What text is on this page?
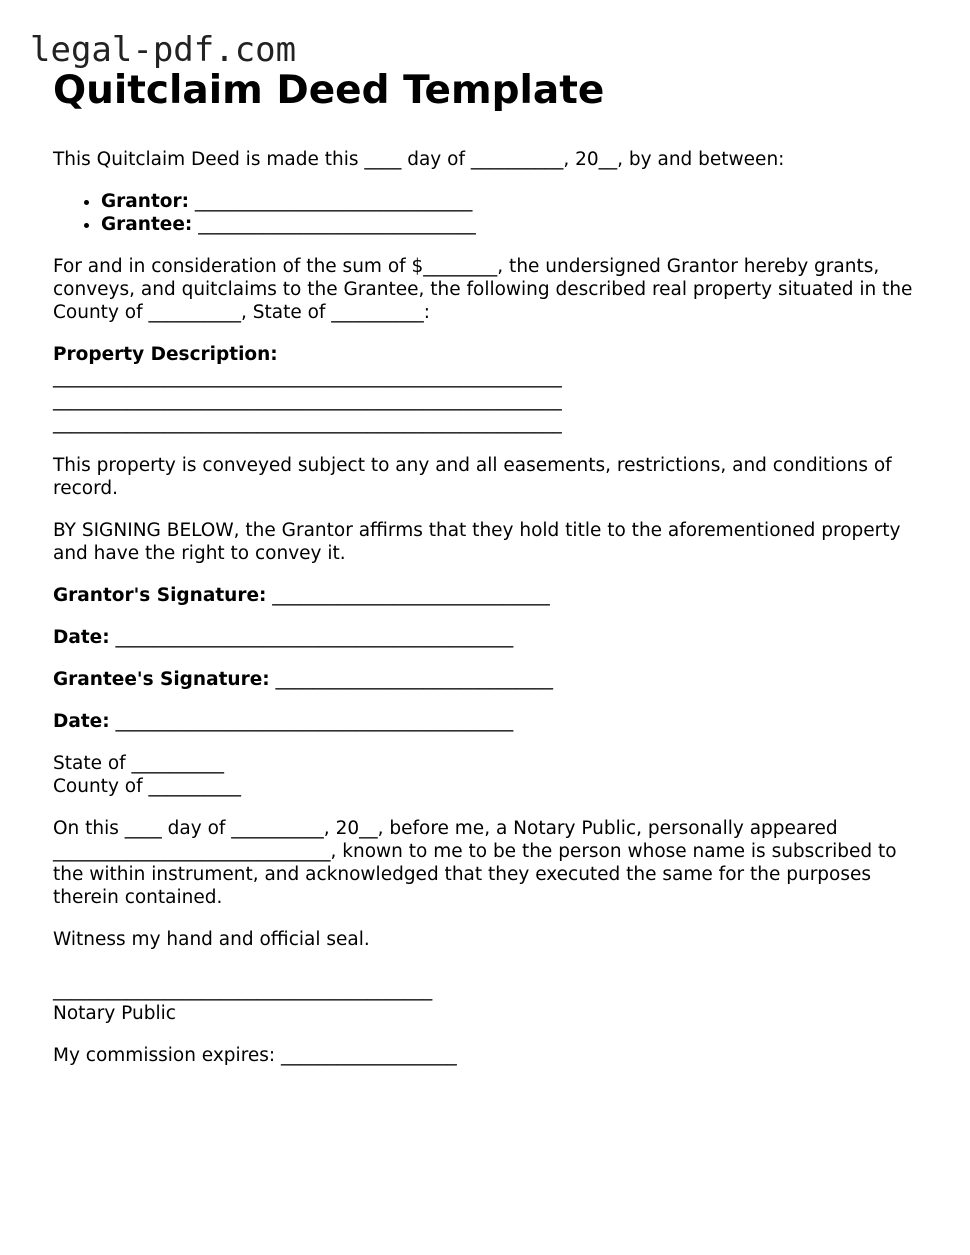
legal-pdf.com
Quitclaim Deed Template

This Quitclaim Deed is made this ____ day of __________, 20__, by and between:

• Grantor: ______________________________
• Grantee: ______________________________

For and in consideration of the sum of $________, the undersigned Grantor hereby grants, conveys, and quitclaims to the Grantee, the following described real property situated in the County of __________, State of __________:

Property Description:
_______________________________________________________
_______________________________________________________
_______________________________________________________

This property is conveyed subject to any and all easements, restrictions, and conditions of record.

BY SIGNING BELOW, the Grantor affirms that they hold title to the aforementioned property and have the right to convey it.

Grantor's Signature: ______________________________

Date: ___________________________________________

Grantee's Signature: ______________________________

Date: ___________________________________________

State of __________
County of __________

On this ____ day of __________, 20__, before me, a Notary Public, personally appeared ______________________________, known to me to be the person whose name is subscribed to the within instrument, and acknowledged that they executed the same for the purposes therein contained.

Witness my hand and official seal.

_________________________________________
Notary Public

My commission expires: ___________________
